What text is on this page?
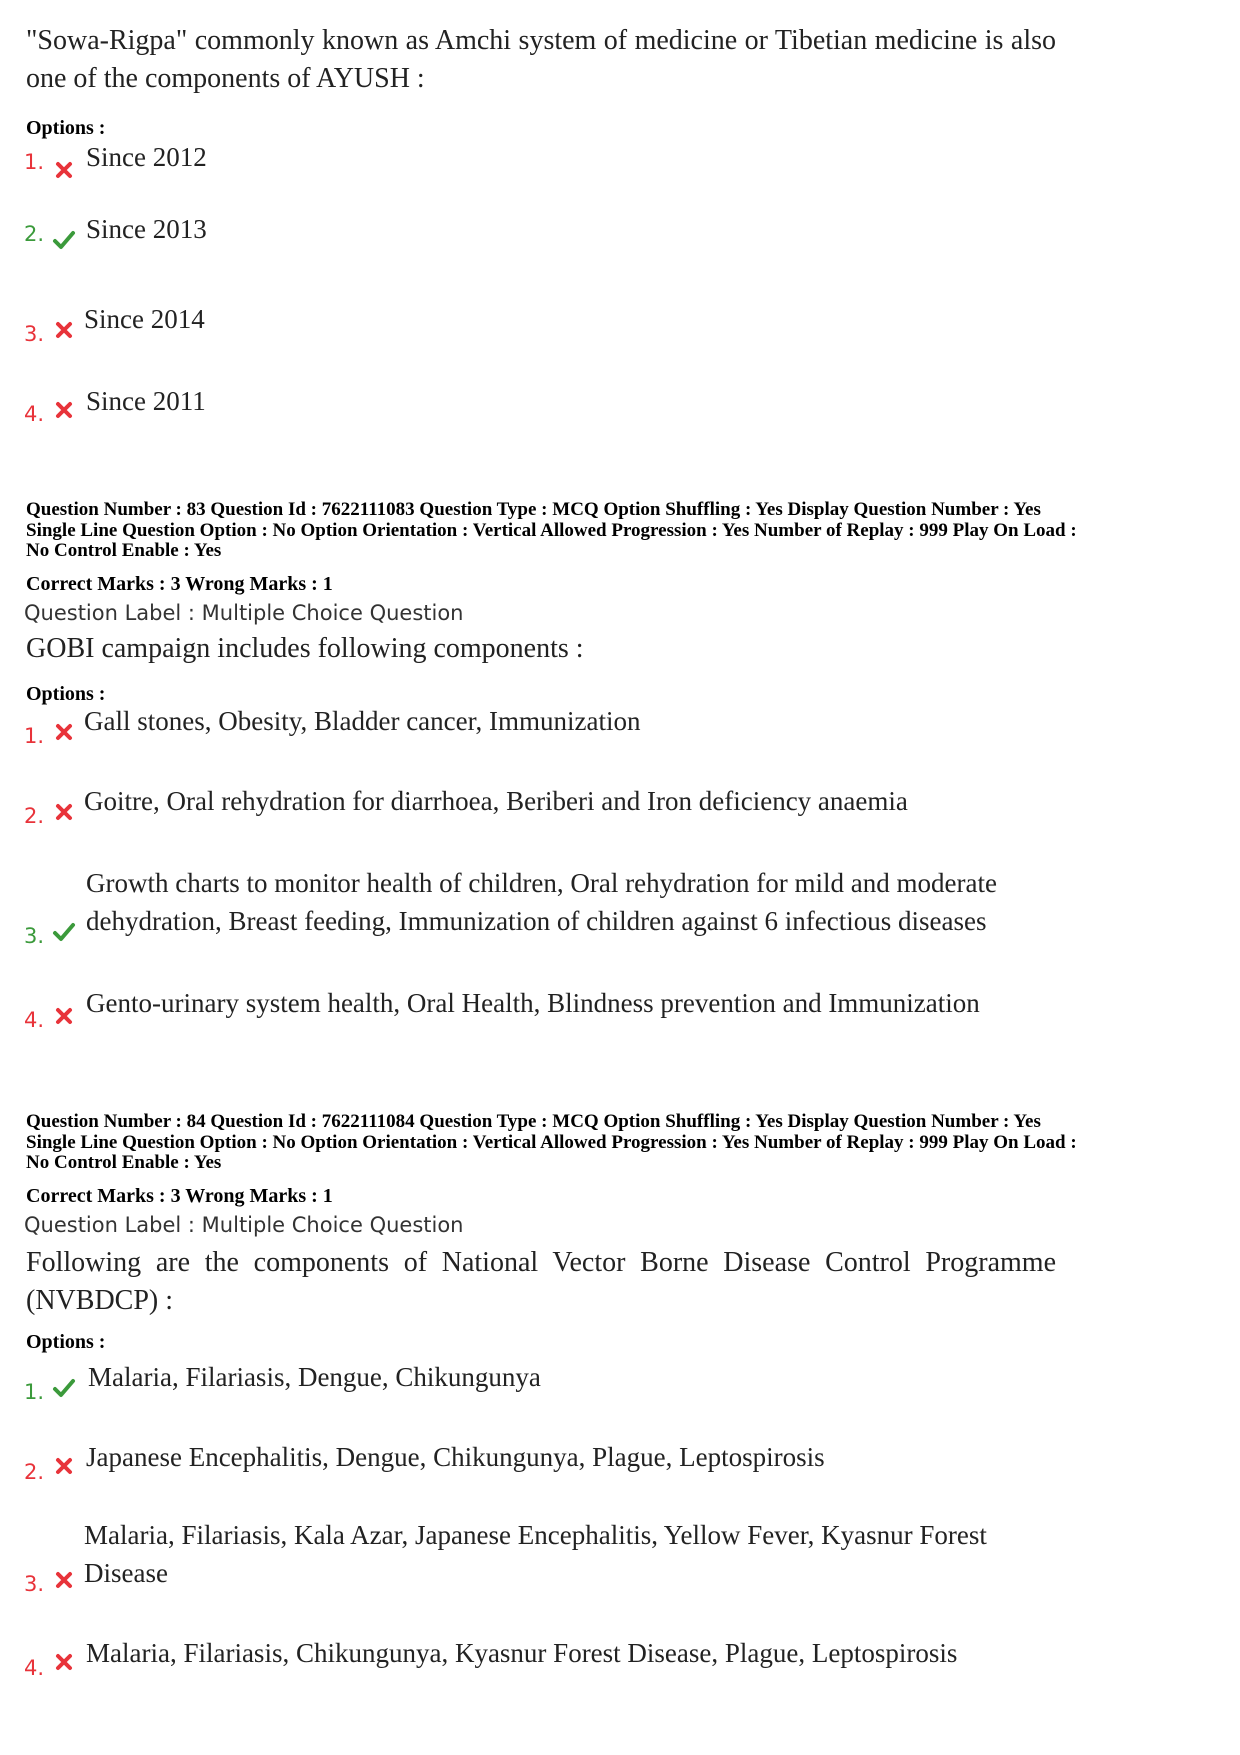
"Sowa-Rigpa" commonly known as Amchi system of medicine or Tibetian medicine is also one of the components of AYUSH :
Options :
1. Since 2012
2. Since 2013
3. Since 2014
4. Since 2011
Question Number : 83 Question Id : 7622111083 Question Type : MCQ Option Shuffling : Yes Display Question Number : Yes
Single Line Question Option : No Option Orientation : Vertical Allowed Progression : Yes Number of Replay : 999 Play On Load :
No Control Enable : Yes
Correct Marks : 3 Wrong Marks : 1
Question Label : Multiple Choice Question
GOBI campaign includes following components :
Options :
1. Gall stones, Obesity, Bladder cancer, Immunization
2. Goitre, Oral rehydration for diarrhoea, Beriberi and Iron deficiency anaemia
3.
Growth charts to monitor health of children, Oral rehydration for mild and moderate dehydration, Breast feeding, Immunization of children against 6 infectious diseases
4.
Gento-urinary system health, Oral Health, Blindness prevention and Immunization
Question Number : 84 Question Id : 7622111084 Question Type : MCQ Option Shuffling : Yes Display Question Number : Yes
Single Line Question Option : No Option Orientation : Vertical Allowed Progression : Yes Number of Replay : 999 Play On Load :
No Control Enable : Yes
Correct Marks : 3 Wrong Marks : 1
Question Label : Multiple Choice Question
Following are the components of National Vector Borne Disease Control Programme (NVBDCP) :
Options :
1. Malaria, Filariasis, Dengue, Chikungunya
2. Japanese Encephalitis, Dengue, Chikungunya, Plague, Leptospirosis
3.
Malaria, Filariasis, Kala Azar, Japanese Encephalitis, Yellow Fever, Kyasnur Forest Disease
4. Malaria, Filariasis, Chikungunya, Kyasnur Forest Disease, Plague, Leptospirosis
